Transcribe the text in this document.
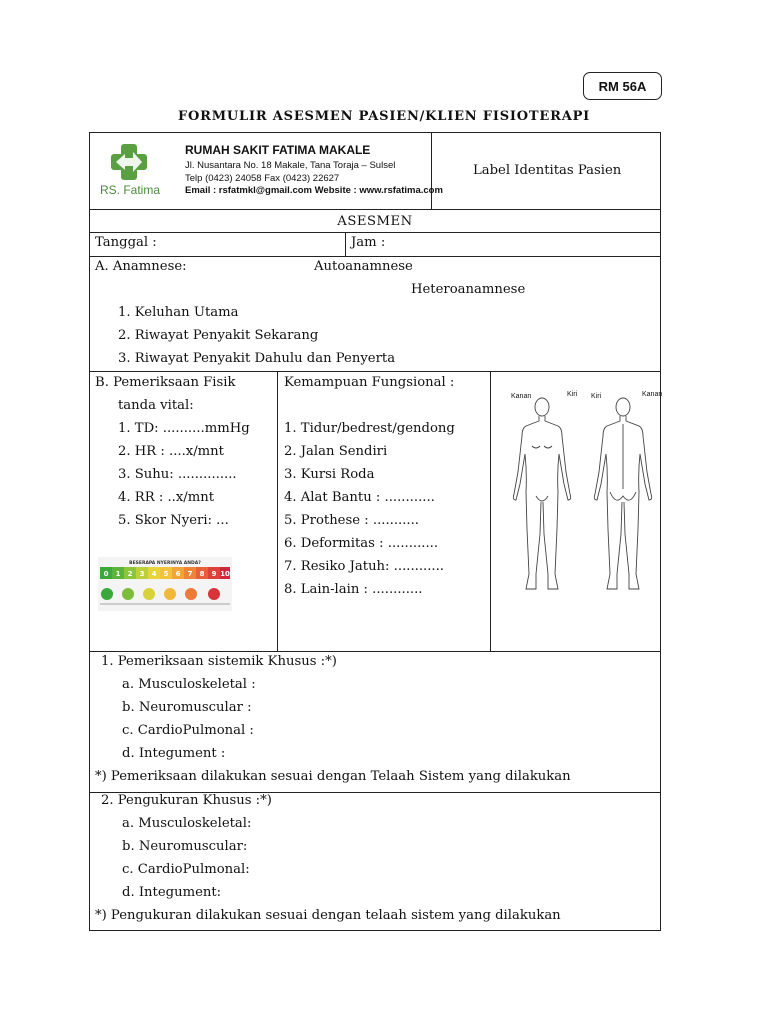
RM 56A
FORMULIR ASESMEN PASIEN/KLIEN FISIOTERAPI
RS. Fatima
RUMAH SAKIT FATIMA MAKALE
Jl. Nusantara No. 18 Makale, Tana Toraja – Sulsel
Telp (0423) 24058 Fax (0423) 22627
Email : rsfatmkl@gmail.com Website : www.rsfatima.com
Label Identitas Pasien
ASESMEN
Tanggal :	Jam :
A. Anamnese:	Autoanamnese
Heteroanamnese
1. Keluhan Utama
2. Riwayat Penyakit Sekarang
3. Riwayat Penyakit Dahulu dan Penyerta
B. Pemeriksaan Fisik
tanda vital:
1. TD: ..........mmHg
2. HR : ....x/mnt
3. Suhu: ..............
4. RR : ..x/mnt
5. Skor Nyeri: ...
BESERAPA NYERINYA ANDA?
0 1 2 3 4 5 6 7 8 9 10
Kemampuan Fungsional :
1. Tidur/bedrest/gendong
2. Jalan Sendiri
3. Kursi Roda
4. Alat Bantu : ............
5. Prothese : ...........
6. Deformitas : ............
7. Resiko Jatuh: ............
8. Lain-lain : ............
Kanan	Kiri Kiri	Kanan
1. Pemeriksaan sistemik Khusus :*)
a. Musculoskeletal :
b. Neuromuscular :
c. CardioPulmonal :
d. Integument :
*) Pemeriksaan dilakukan sesuai dengan Telaah Sistem yang dilakukan
2. Pengukuran Khusus :*)
a. Musculoskeletal:
b. Neuromuscular:
c. CardioPulmonal:
d. Integument:
*) Pengukuran dilakukan sesuai dengan telaah sistem yang dilakukan
